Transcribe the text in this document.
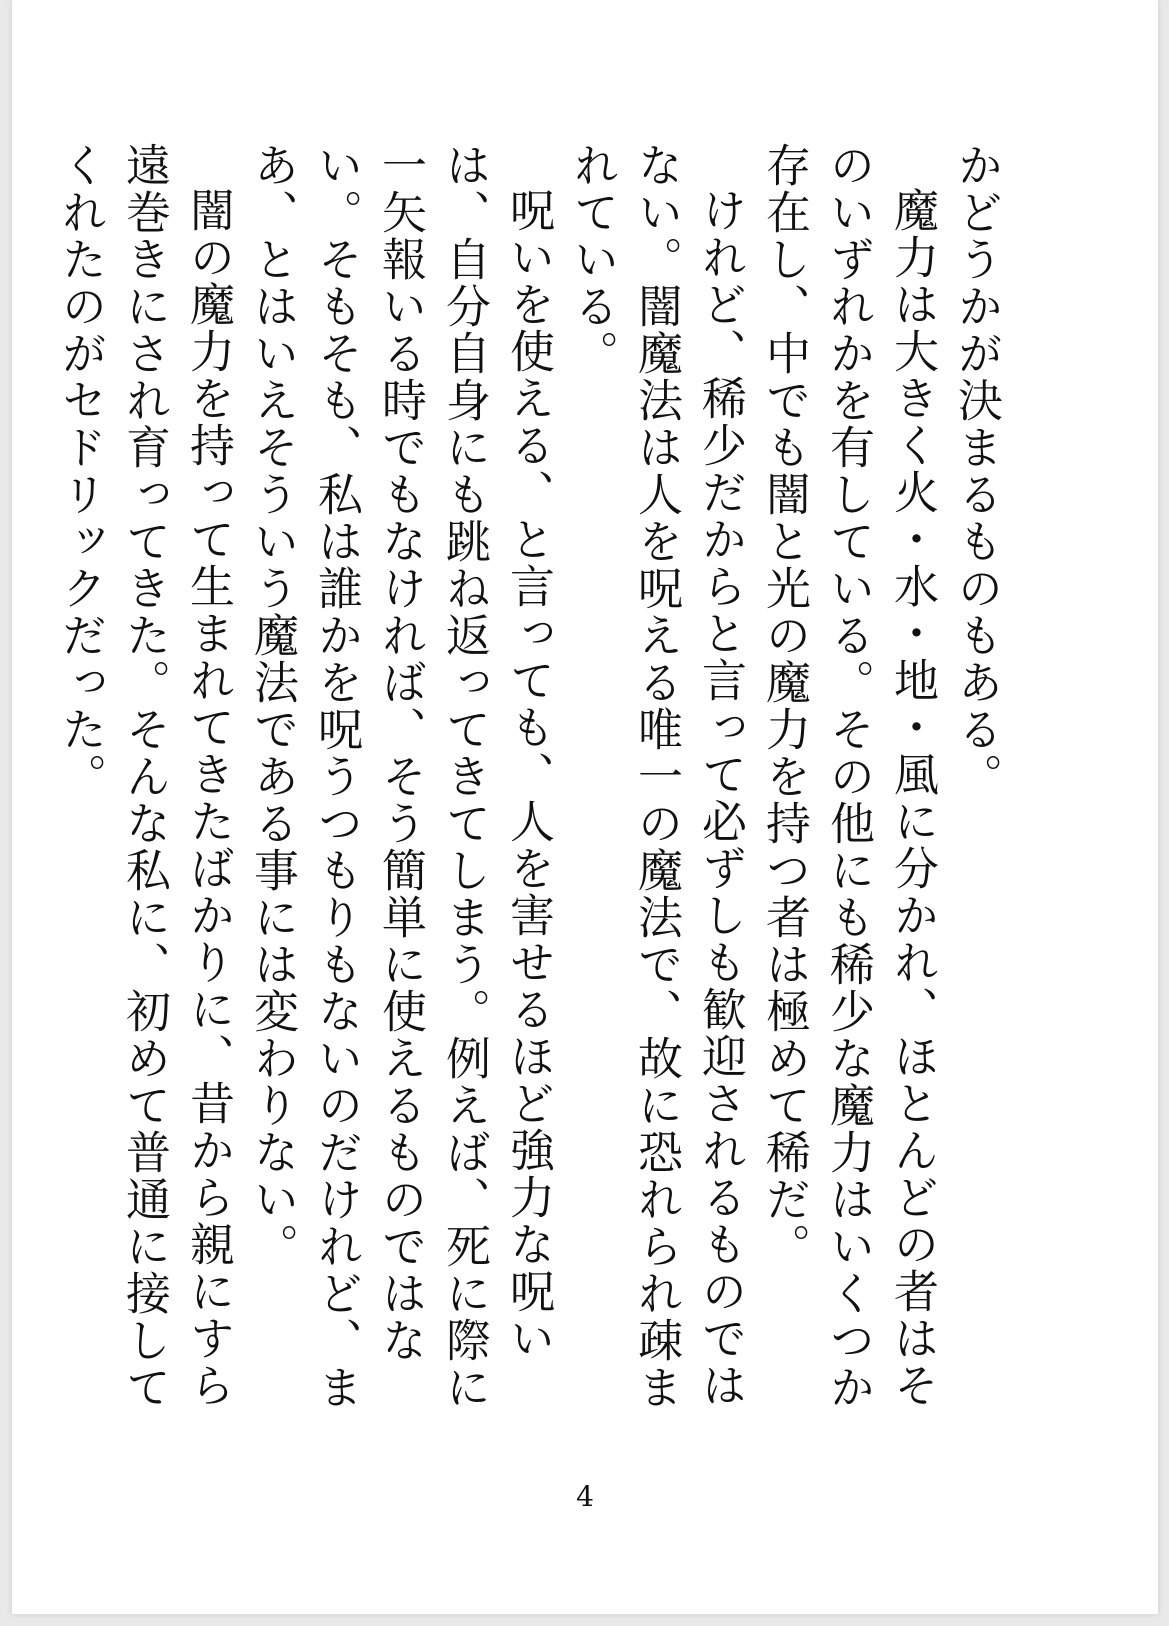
かどうかが決まるものもある。

魔力は大きく火・水・地・風に分かれ、ほとんどの者はそのいずれかを有している。その他にも稀少な魔力はいくつか存在し、中でも闇と光の魔力を持つ者は極めて稀だ。

けれど、稀少だからと言って必ずしも歓迎されるものではない。闇魔法は人を呪える唯一の魔法で、故に恐れられ疎まれている。

呪いを使える、と言っても、人を害せるほど強力な呪いは、自分自身にも跳ね返ってきてしまう。例えば、死に際に一矢報いる時でもなければ、そう簡単に使えるものではない。そもそも、私は誰かを呪うつもりもないのだけれど、まあ、とはいえそういう魔法である事には変わりない。

闇の魔力を持って生まれてきたばかりに、昔から親にすら遠巻きにされ育ってきた。そんな私に、初めて普通に接してくれたのがセドリックだった。

4
